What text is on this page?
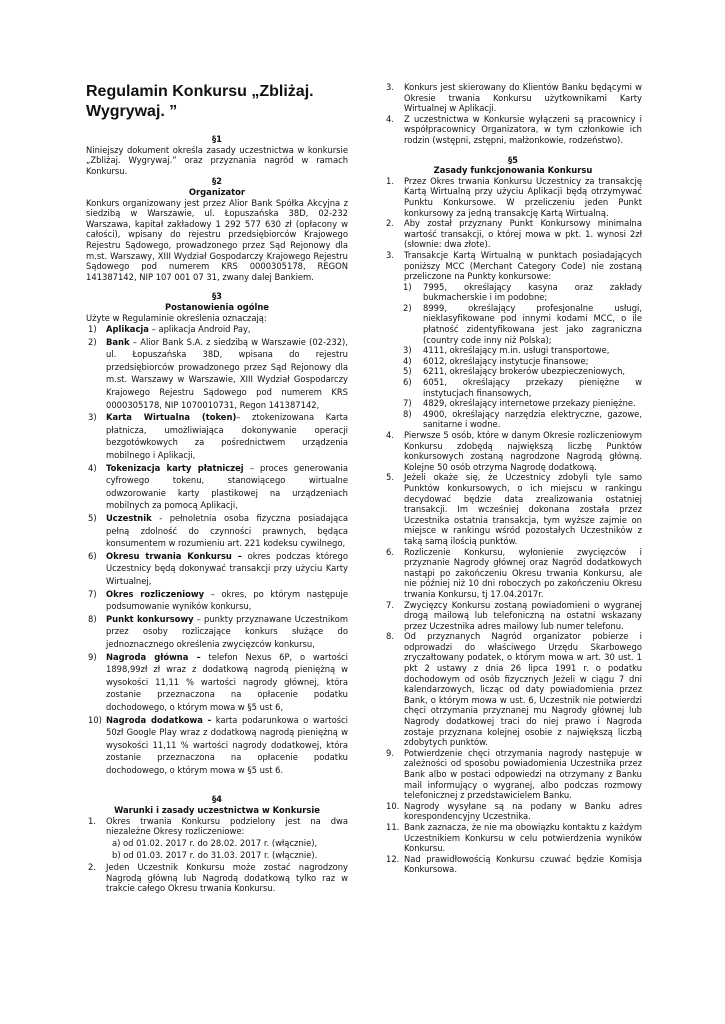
Regulamin Konkursu „Zbliżaj. Wygrywaj. ”
§1
Niniejszy dokument określa zasady uczestnictwa w konkursie „Zbliżaj. Wygrywaj.” oraz przyznania nagród w ramach Konkursu.
§2
Organizator
Konkurs organizowany jest przez Alior Bank Spółka Akcyjna z siedzibą w Warszawie, ul. Łopuszańska 38D, 02-232 Warszawa, kapitał zakładowy 1 292 577 630 zł (opłacony w całości), wpisany do rejestru przedsiębiorców Krajowego Rejestru Sądowego, prowadzonego przez Sąd Rejonowy dla m.st. Warszawy, XIII Wydział Gospodarczy Krajowego Rejestru Sądowego pod numerem KRS 0000305178, REGON 141387142, NIP 107 001 07 31, zwany dalej Bankiem.
§3
Postanowienia ogólne
Użyte w Regulaminie określenia oznaczają:
1)	Aplikacja – aplikacja Android Pay,
2)	Bank – Alior Bank S.A. z siedzibą w Warszawie (02-232), ul. Łopuszańska 38D, wpisana do rejestru przedsiębiorców prowadzonego przez Sąd Rejonowy dla m.st. Warszawy w Warszawie, XIII Wydział Gospodarczy Krajowego Rejestru Sądowego pod numerem KRS 0000305178, NIP 1070010731, Regon 141387142,
3)	Karta Wirtualna (token)– ztokenizowana Karta płatnicza, umożliwiająca dokonywanie operacji bezgotówkowych za pośrednictwem urządzenia mobilnego i Aplikacji,
4)	Tokenizacja karty płatniczej – proces generowania cyfrowego tokenu, stanowiącego wirtualne odwzorowanie karty plastikowej na urządzeniach mobilnych za pomocą Aplikacji,
5)	Uczestnik - pełnoletnia osoba fizyczna posiadająca pełną zdolność do czynności prawnych, będąca konsumentem w rozumieniu art. 221 kodeksu cywilnego,
6)	Okresu trwania Konkursu – okres podczas którego Uczestnicy będą dokonywać transakcji przy użyciu Karty Wirtualnej,
7)	Okres rozliczeniowy – okres, po którym następuje podsumowanie wyników konkursu,
8)	Punkt konkursowy – punkty przyznawane Uczestnikom przez osoby rozliczające konkurs służące do jednoznacznego określenia zwycięzców konkursu,
9)	Nagroda główna – telefon Nexus 6P, o wartości 1898,99zł zł wraz z dodatkową nagrodą pieniężną w wysokości 11,11 % wartości nagrody głównej, która zostanie przeznaczona na opłacenie podatku dochodowego, o którym mowa w §5 ust 6,
10) Nagroda dodatkowa - karta podarunkowa o wartości 50zł Google Play wraz z dodatkową nagrodą pieniężną w wysokości 11,11 % wartości nagrody dodatkowej, która zostanie przeznaczona na opłacenie podatku dochodowego, o którym mowa w §5 ust 6.
§4
Warunki i zasady uczestnictwa w Konkursie
1.	Okres trwania Konkursu podzielony jest na dwa niezależne Okresy rozliczeniowe:
a) od 01.02. 2017 r. do 28.02. 2017 r. (włącznie),
b) od 01.03. 2017 r. do 31.03. 2017 r. (włącznie).
2.	Jeden Uczestnik Konkursu może zostać nagrodzony Nagrodą główną lub Nagrodą dodatkową tylko raz w trakcie całego Okresu trwania Konkursu.
3.	Konkurs jest skierowany do Klientów Banku będącymi w Okresie trwania Konkursu użytkownikami Karty Wirtualnej w Aplikacji.
4.	Z uczestnictwa w Konkursie wyłączeni są pracownicy i współpracownicy Organizatora, w tym członkowie ich rodzin (wstępni, zstępni, małżonkowie, rodzeństwo).
§5
Zasady funkcjonowania Konkursu
1.	Przez Okres trwania Konkursu Uczestnicy za transakcję Kartą Wirtualną przy użyciu Aplikacji będą otrzymywać Punktu Konkursowe. W przeliczeniu jeden Punkt konkursowy za jedną transakcję Kartą Wirtualną.
2.	Aby został przyznany Punkt Konkursowy minimalna wartość transakcji, o której mowa w pkt. 1. wynosi 2zł (słownie: dwa złote).
3.	Transakcje Kartą Wirtualną w punktach posiadających poniższy MCC (Merchant Category Code) nie zostaną przeliczone na Punkty konkursowe:
1)	7995, określający kasyna oraz zakłady bukmacherskie i im podobne;
2)	8999, określający profesjonalne usługi, nieklasyfikowane pod innymi kodami MCC, o ile płatność zidentyfikowana jest jako zagraniczna (country code inny niż Polska);
3)	4111, określający m.in. usługi transportowe,
4)	6012, określający instytucje finansowe;
5)	6211, określający brokerów ubezpieczeniowych,
6)	6051, określający przekazy pieniężne w instytucjach finansowych,
7)	4829, określający internetowe przekazy pieniężne.
8)	4900, określający narzędzia elektryczne, gazowe, sanitarne i wodne.
4.	Pierwsze 5 osób, które w danym Okresie rozliczeniowym Konkursu zdobędą największą liczbę Punktów konkursowych zostaną nagrodzone Nagrodą główną. Kolejne 50 osób otrzyma Nagrodę dodatkową.
5.	Jeżeli okaże się, że Uczestnicy zdobyli tyle samo Punktów konkursowych, o ich miejscu w rankingu decydować będzie data zrealizowania ostatniej transakcji. Im wcześniej dokonana została przez Uczestnika ostatnia transakcja, tym wyższe zajmie on miejsce w rankingu wśród pozostałych Uczestników z taką samą ilością punktów.
6.	Rozliczenie Konkursu, wyłonienie zwycięzców i przyznanie Nagrody głównej oraz Nagród dodatkowych nastąpi po zakończeniu Okresu trwania Konkursu, ale nie później niż 10 dni roboczych po zakończeniu Okresu trwania Konkursu, tj 17.04.2017r.
7.	Zwycięzcy Konkursu zostaną powiadomieni o wygranej drogą mailową lub telefoniczną na ostatni wskazany przez Uczestnika adres mailowy lub numer telefonu.
8.	Od przyznanych Nagród organizator pobierze i odprowadzi do właściwego Urzędu Skarbowego zryczałtowany podatek, o którym mowa w art. 30 ust. 1 pkt 2 ustawy z dnia 26 lipca 1991 r. o podatku dochodowym od osób fizycznych Jeżeli w ciągu 7 dni kalendarzowych, licząc od daty powiadomienia przez Bank, o którym mowa w ust. 6, Uczestnik nie potwierdzi chęci otrzymania przyznanej mu Nagrody głównej lub Nagrody dodatkowej traci do niej prawo i Nagroda zostaje przyznana kolejnej osobie z największą liczbą zdobytych punktów.
9.	Potwierdzenie chęci otrzymania nagrody następuje w zależności od sposobu powiadomienia Uczestnika przez Bank albo w postaci odpowiedzi na otrzymany z Banku mail informujący o wygranej, albo podczas rozmowy telefonicznej z przedstawicielem Banku.
10. Nagrody wysyłane są na podany w Banku adres korespondencyjny Uczestnika.
11. Bank zaznacza, że nie ma obowiązku kontaktu z każdym Uczestnikiem Konkursu w celu potwierdzenia wyników Konkursu.
12. Nad prawidłowością Konkursu czuwać będzie Komisja Konkursowa.
